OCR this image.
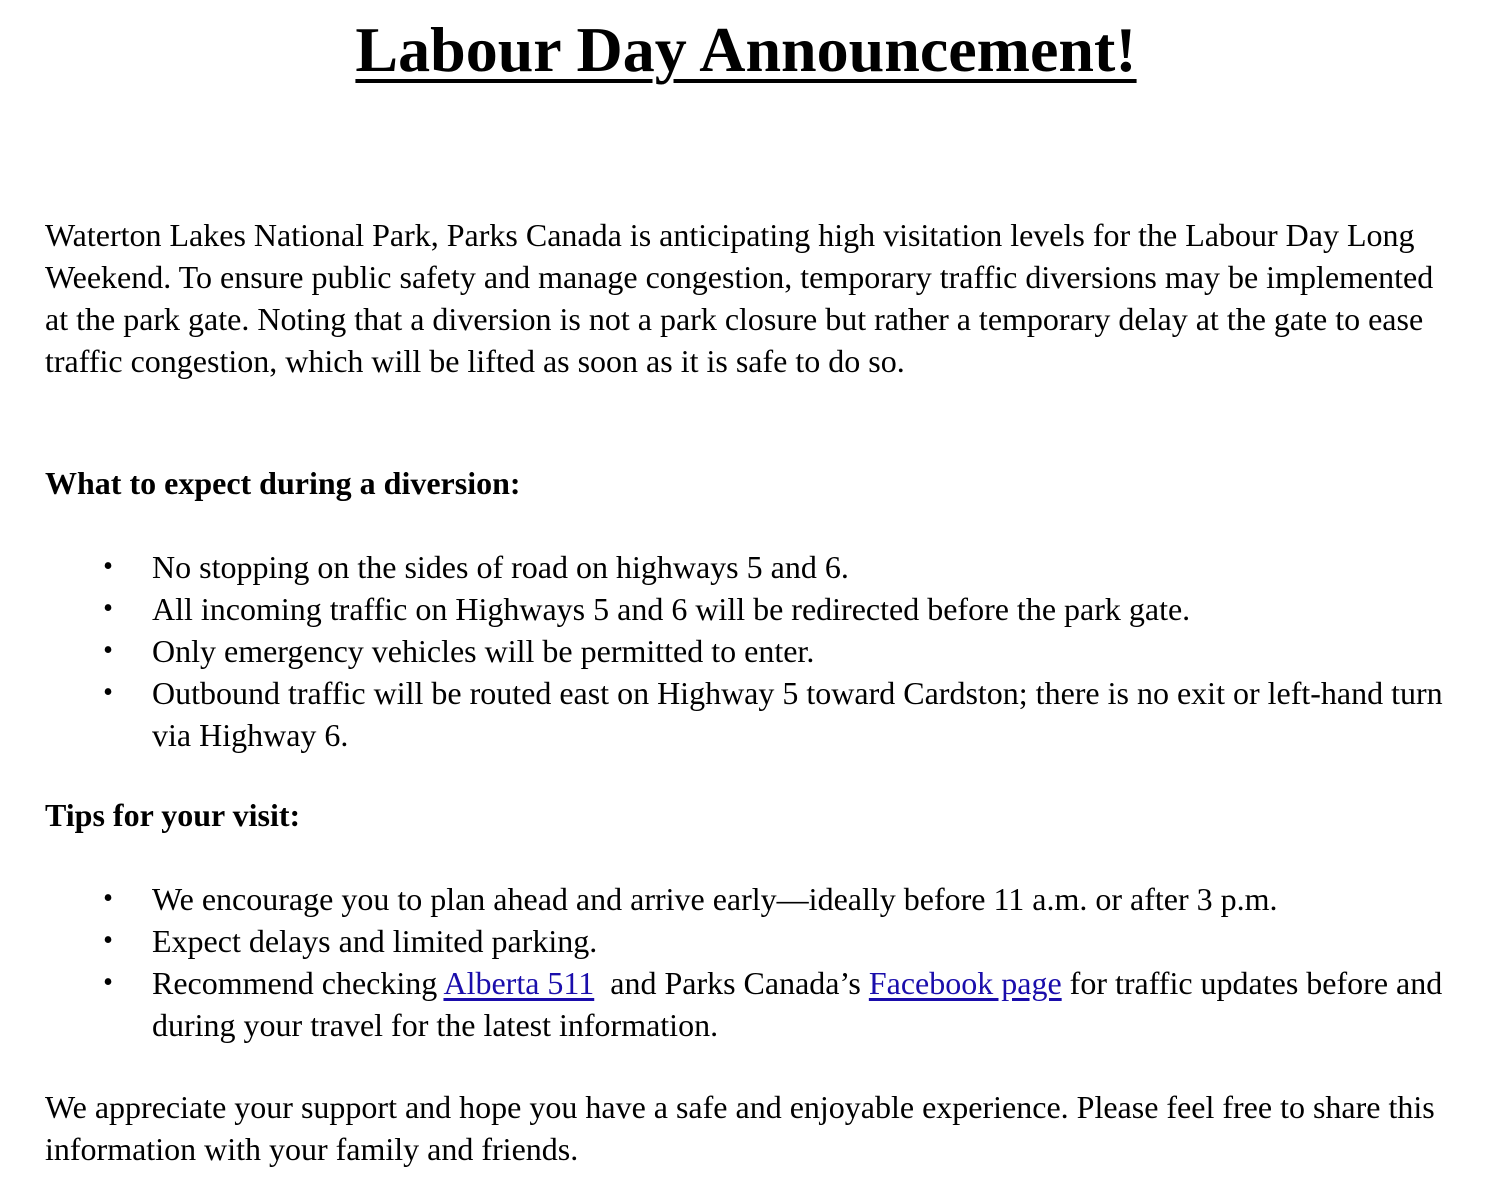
Labour Day Announcement!

Waterton Lakes National Park, Parks Canada is anticipating high visitation levels for the Labour Day Long Weekend. To ensure public safety and manage congestion, temporary traffic diversions may be implemented at the park gate. Noting that a diversion is not a park closure but rather a temporary delay at the gate to ease traffic congestion, which will be lifted as soon as it is safe to do so.

What to expect during a diversion:

• No stopping on the sides of road on highways 5 and 6.
• All incoming traffic on Highways 5 and 6 will be redirected before the park gate.
• Only emergency vehicles will be permitted to enter.
• Outbound traffic will be routed east on Highway 5 toward Cardston; there is no exit or left-hand turn via Highway 6.

Tips for your visit:

• We encourage you to plan ahead and arrive early—ideally before 11 a.m. or after 3 p.m.
• Expect delays and limited parking.
• Recommend checking Alberta 511  and Parks Canada’s Facebook page for traffic updates before and during your travel for the latest information.

We appreciate your support and hope you have a safe and enjoyable experience. Please feel free to share this information with your family and friends.
